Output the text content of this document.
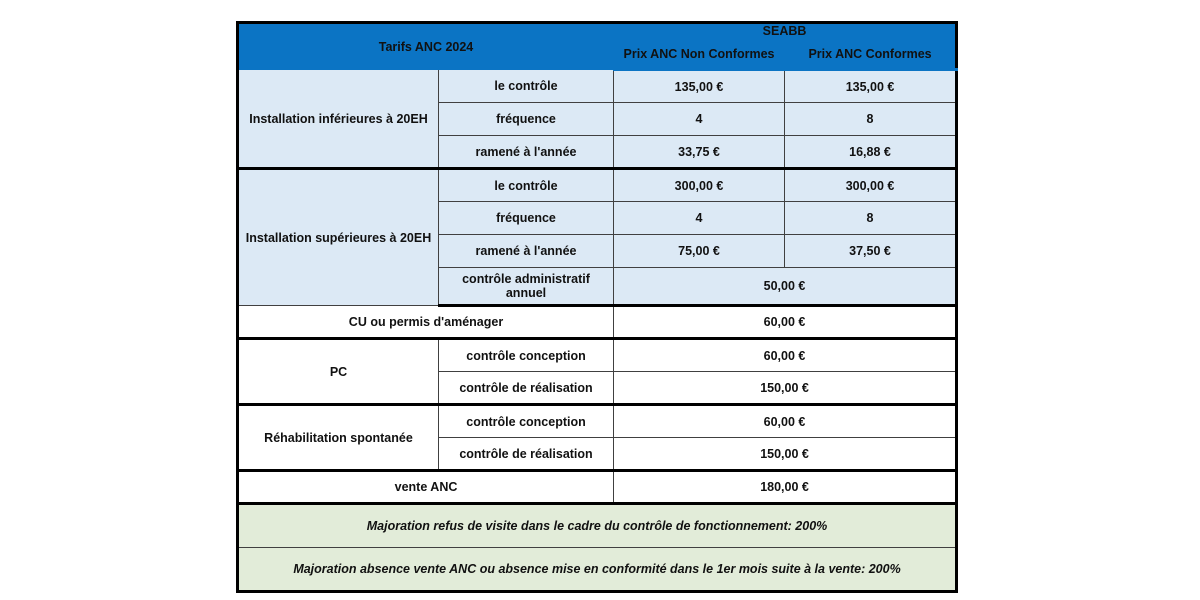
Tarifs ANC 2024		SEABB	
		Prix ANC Non Conformes	Prix ANC Conformes
Installation inférieures à 20EH	le contrôle	135,00 €	135,00 €
	fréquence	4	8
	ramené à l'année	33,75 €	16,88 €
Installation supérieures à 20EH	le contrôle	300,00 €	300,00 €
	fréquence	4	8
	ramené à l'année	75,00 €	37,50 €
	contrôle administratif annuel	50,00 €	
CU ou permis d'aménager		60,00 €	
PC	contrôle conception	60,00 €	
	contrôle de réalisation	150,00 €	
Réhabilitation spontanée	contrôle conception	60,00 €	
	contrôle de réalisation	150,00 €	
vente ANC		180,00 €	
Majoration refus de visite dans le cadre du contrôle de fonctionnement: 200%			
Majoration absence vente ANC ou absence mise en conformité dans le 1er mois suite à la vente: 200%			
